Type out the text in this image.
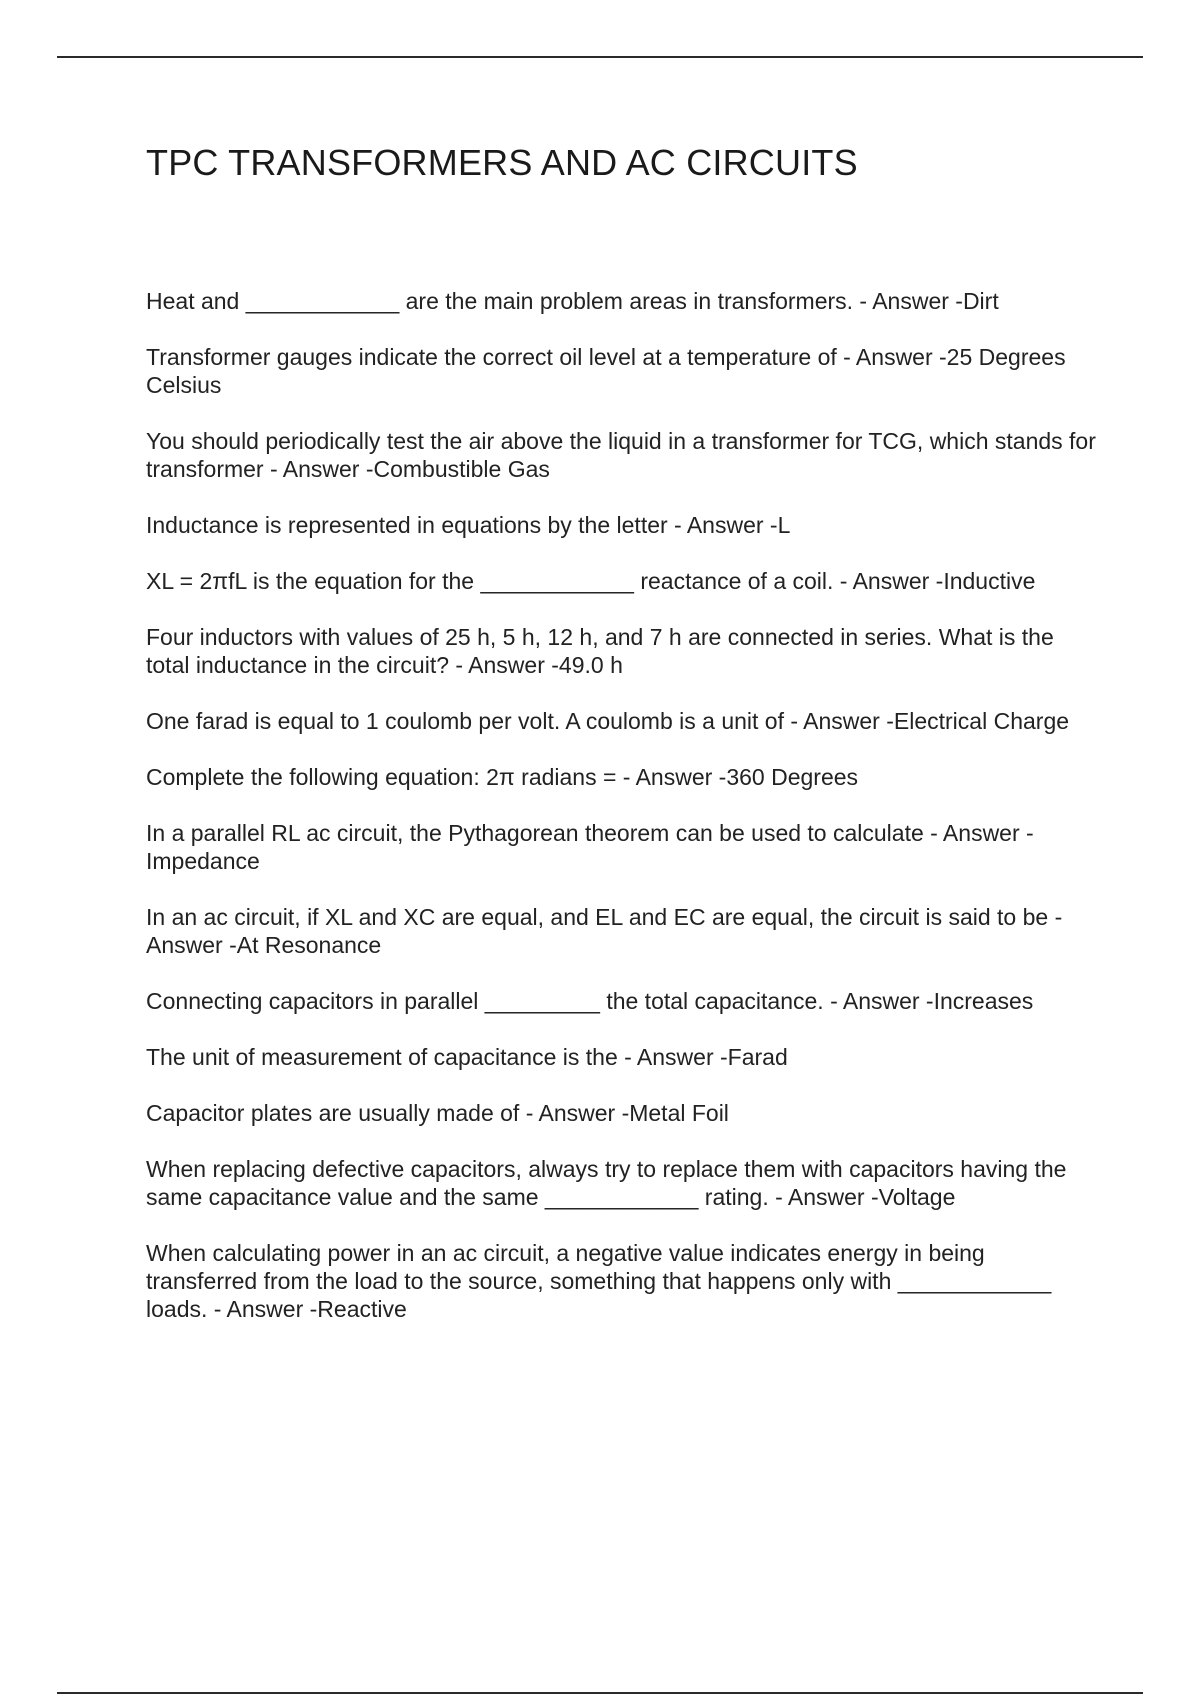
TPC TRANSFORMERS AND AC CIRCUITS
Heat and ____________ are the main problem areas in transformers. - Answer -Dirt
Transformer gauges indicate the correct oil level at a temperature of - Answer -25 Degrees Celsius
You should periodically test the air above the liquid in a transformer for TCG, which stands for transformer - Answer -Combustible Gas
Inductance is represented in equations by the letter - Answer -L
XL = 2πfL is the equation for the ____________ reactance of a coil. - Answer -Inductive
Four inductors with values of 25 h, 5 h, 12 h, and 7 h are connected in series. What is the total inductance in the circuit? - Answer -49.0 h
One farad is equal to 1 coulomb per volt. A coulomb is a unit of - Answer -Electrical Charge
Complete the following equation: 2π radians = - Answer -360 Degrees
In a parallel RL ac circuit, the Pythagorean theorem can be used to calculate - Answer -Impedance
In an ac circuit, if XL and XC are equal, and EL and EC are equal, the circuit is said to be - Answer -At Resonance
Connecting capacitors in parallel _________ the total capacitance. - Answer -Increases
The unit of measurement of capacitance is the - Answer -Farad
Capacitor plates are usually made of - Answer -Metal Foil
When replacing defective capacitors, always try to replace them with capacitors having the same capacitance value and the same ____________ rating. - Answer -Voltage
When calculating power in an ac circuit, a negative value indicates energy in being transferred from the load to the source, something that happens only with ____________ loads. - Answer -Reactive
